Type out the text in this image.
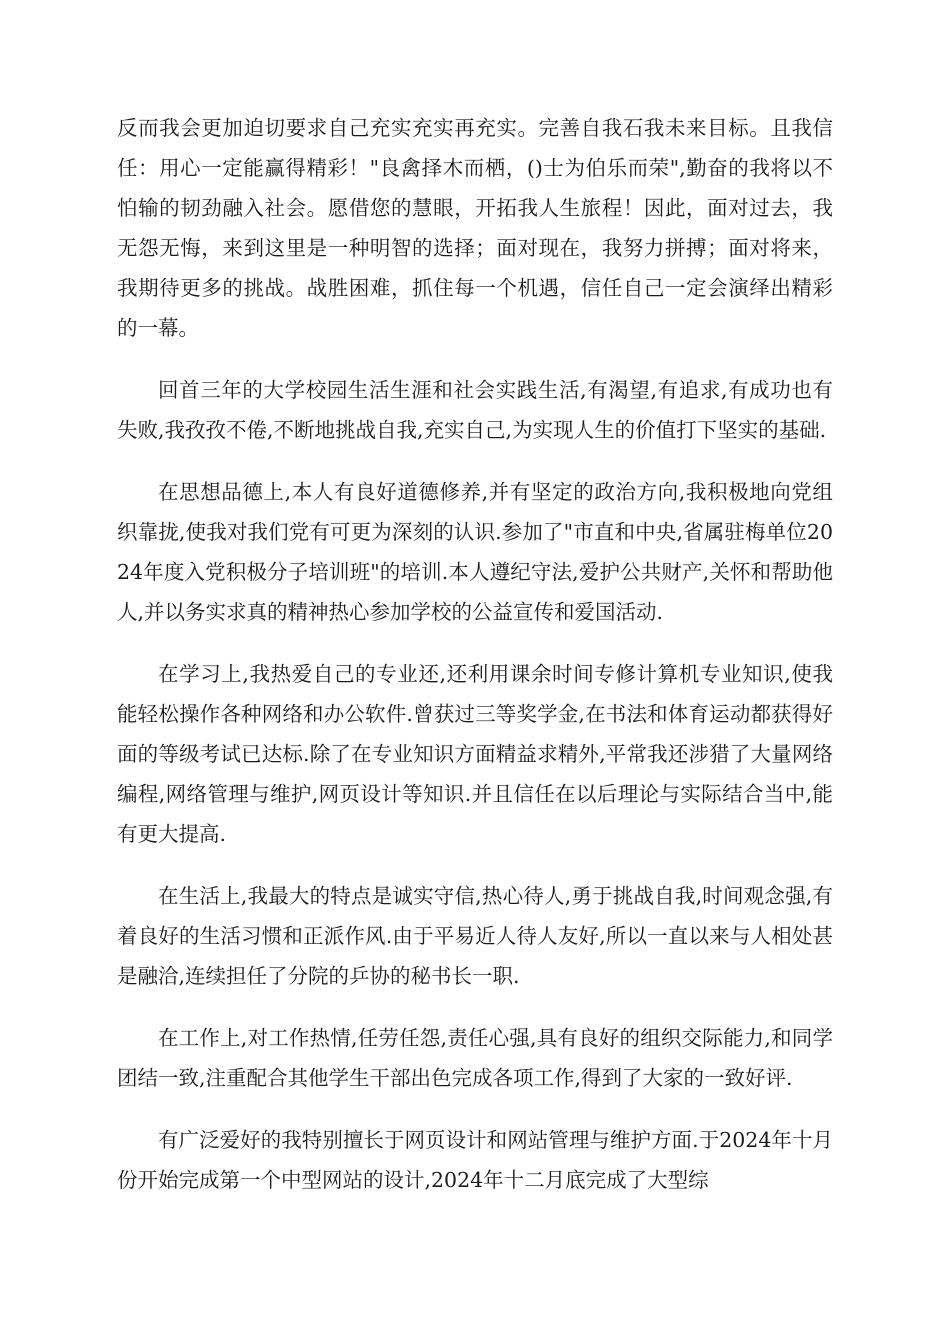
反而我会更加迫切要求自己充实充实再充实。完善自我石我未来目标。且我信任：用心一定能赢得精彩！"良禽择木而栖，()士为伯乐而荣",勤奋的我将以不怕输的韧劲融入社会。愿借您的慧眼，开拓我人生旅程！因此，面对过去，我无怨无悔，来到这里是一种明智的选择；面对现在，我努力拼搏；面对将来，我期待更多的挑战。战胜困难，抓住每一个机遇，信任自己一定会演绎出精彩的一幕。

回首三年的大学校园生活生涯和社会实践生活,有渴望,有追求,有成功也有失败,我孜孜不倦,不断地挑战自我,充实自己,为实现人生的价值打下坚实的基础.

在思想品德上,本人有良好道德修养,并有坚定的政治方向,我积极地向党组织靠拢,使我对我们党有可更为深刻的认识.参加了"市直和中央,省属驻梅单位2024年度入党积极分子培训班"的培训.本人遵纪守法,爱护公共财产,关怀和帮助他人,并以务实求真的精神热心参加学校的公益宣传和爱国活动.

在学习上,我热爱自己的专业还,还利用课余时间专修计算机专业知识,使我能轻松操作各种网络和办公软件.曾获过三等奖学金,在书法和体育运动都获得好面的等级考试已达标.除了在专业知识方面精益求精外,平常我还涉猎了大量网络编程,网络管理与维护,网页设计等知识.并且信任在以后理论与实际结合当中,能有更大提高.

在生活上,我最大的特点是诚实守信,热心待人,勇于挑战自我,时间观念强,有着良好的生活习惯和正派作风.由于平易近人待人友好,所以一直以来与人相处甚是融洽,连续担任了分院的乒协的秘书长一职.

在工作上,对工作热情,任劳任怨,责任心强,具有良好的组织交际能力,和同学团结一致,注重配合其他学生干部出色完成各项工作,得到了大家的一致好评.

有广泛爱好的我特别擅长于网页设计和网站管理与维护方面.于2024年十月份开始完成第一个中型网站的设计,2024年十二月底完成了大型综
